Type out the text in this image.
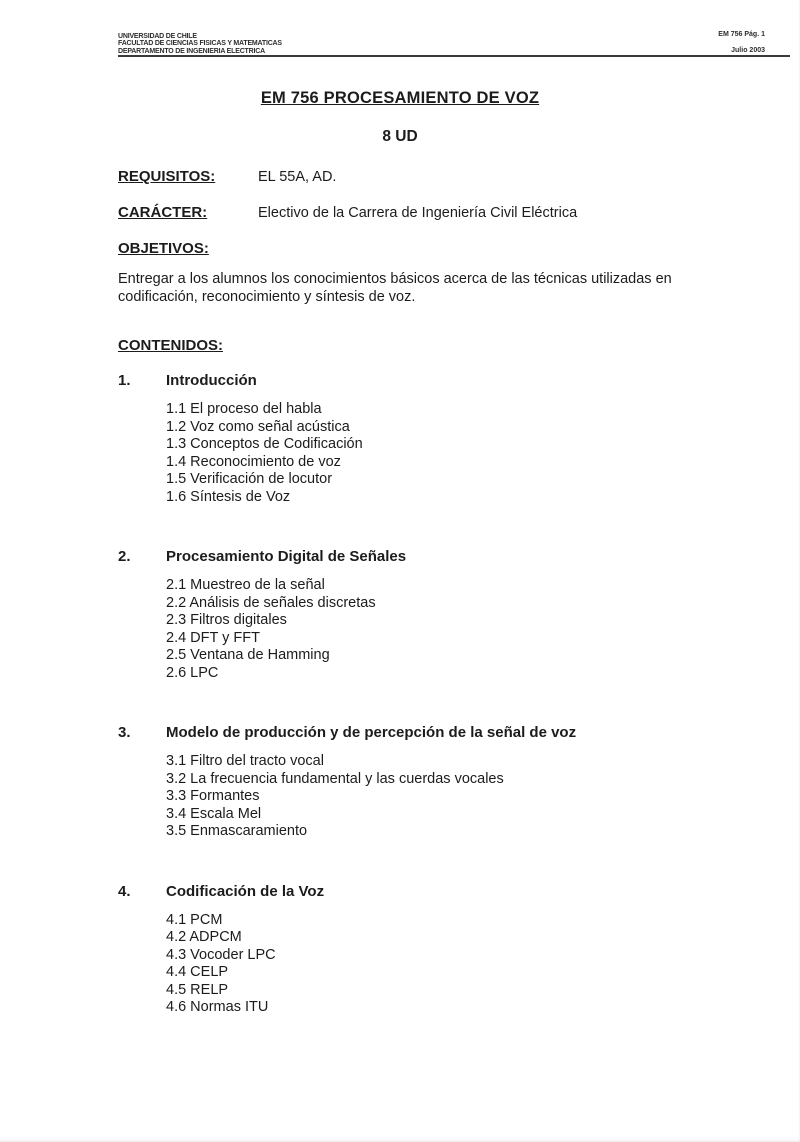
UNIVERSIDAD DE CHILE
FACULTAD DE CIENCIAS FISICAS Y MATEMATICAS
DEPARTAMENTO DE INGENIERIA ELECTRICA
EM 756 Pág. 1
Julio 2003
EM 756 PROCESAMIENTO DE VOZ
8 UD
REQUISITOS:	EL 55A, AD.
CARÁCTER:	Electivo de la Carrera de Ingeniería Civil Eléctrica
OBJETIVOS:
Entregar a los alumnos los conocimientos básicos acerca de las técnicas utilizadas en codificación, reconocimiento y síntesis de voz.
CONTENIDOS:
1. Introducción
1.1 El proceso del habla
1.2 Voz como señal acústica
1.3 Conceptos de Codificación
1.4 Reconocimiento de voz
1.5 Verificación de locutor
1.6 Síntesis de Voz
2. Procesamiento Digital de Señales
2.1 Muestreo de la señal
2.2 Análisis de señales discretas
2.3 Filtros digitales
2.4 DFT y FFT
2.5 Ventana de Hamming
2.6 LPC
3. Modelo de producción y de percepción de la señal de voz
3.1 Filtro del tracto vocal
3.2 La frecuencia fundamental y las cuerdas vocales
3.3 Formantes
3.4 Escala Mel
3.5 Enmascaramiento
4. Codificación de la Voz
4.1 PCM
4.2 ADPCM
4.3 Vocoder LPC
4.4 CELP
4.5 RELP
4.6 Normas ITU
